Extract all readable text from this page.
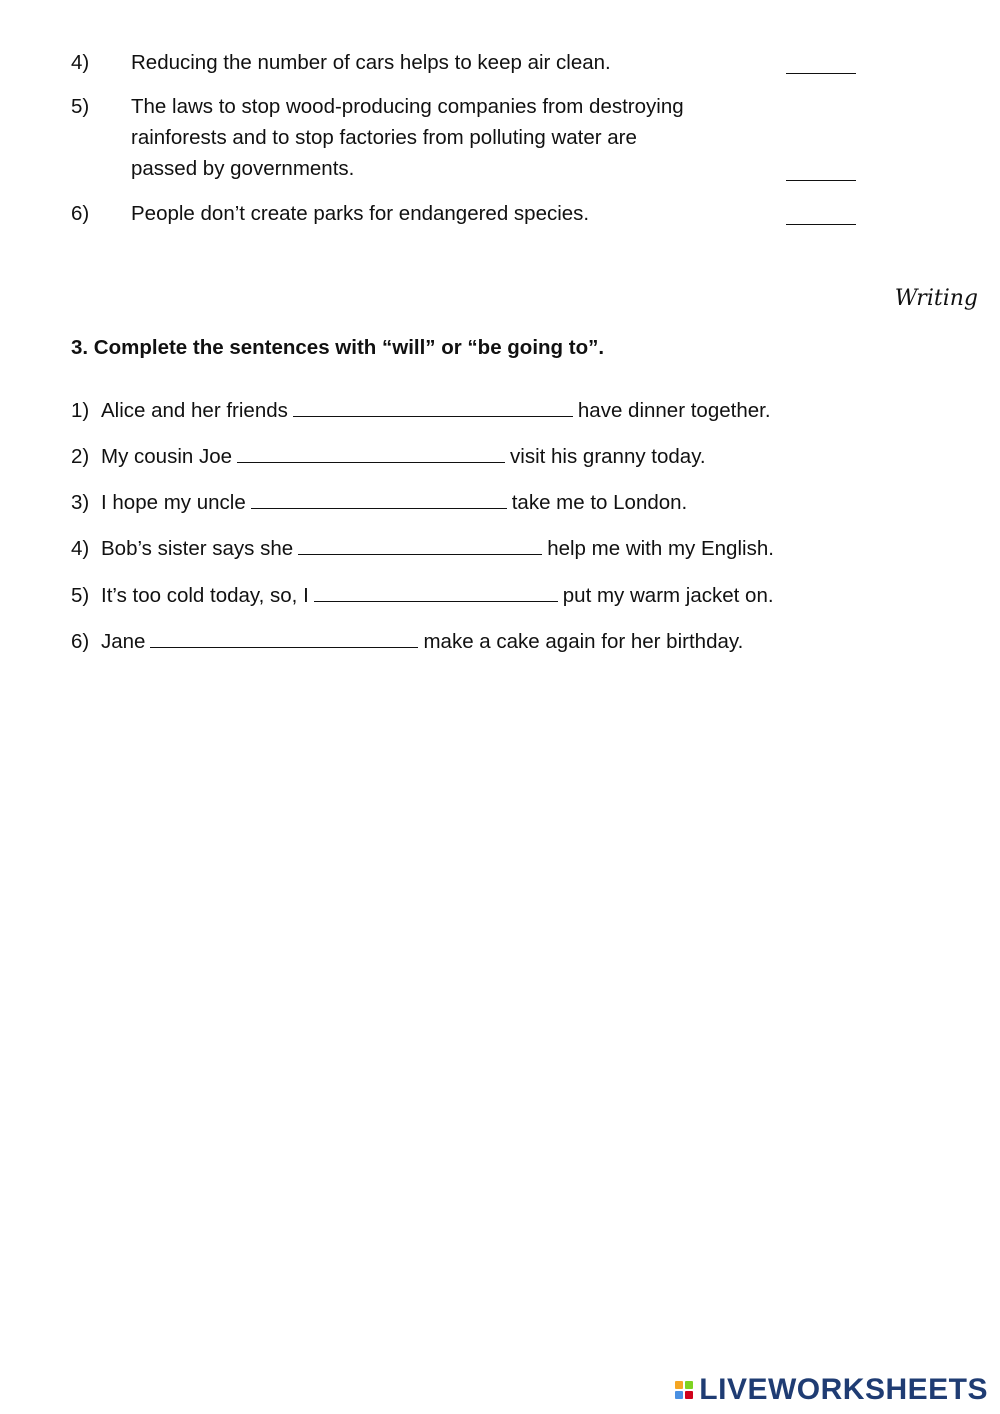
4) Reducing the number of cars helps to keep air clean.
5) The laws to stop wood-producing companies from destroying
rainforests and to stop factories from polluting water are
passed by governments.
6) People don’t create parks for endangered species.
Writing
3. Complete the sentences with “will” or “be going to”.
1) Alice and her friends	have dinner together.
2) My cousin Joe	visit his granny today.
3) I hope my uncle	take me to London.
4) Bob’s sister says she	help me with my English.
5) It’s too cold today, so, I	put my warm jacket on.
6) Jane	make a cake again for her birthday.
LIVEWORKSHEETS
